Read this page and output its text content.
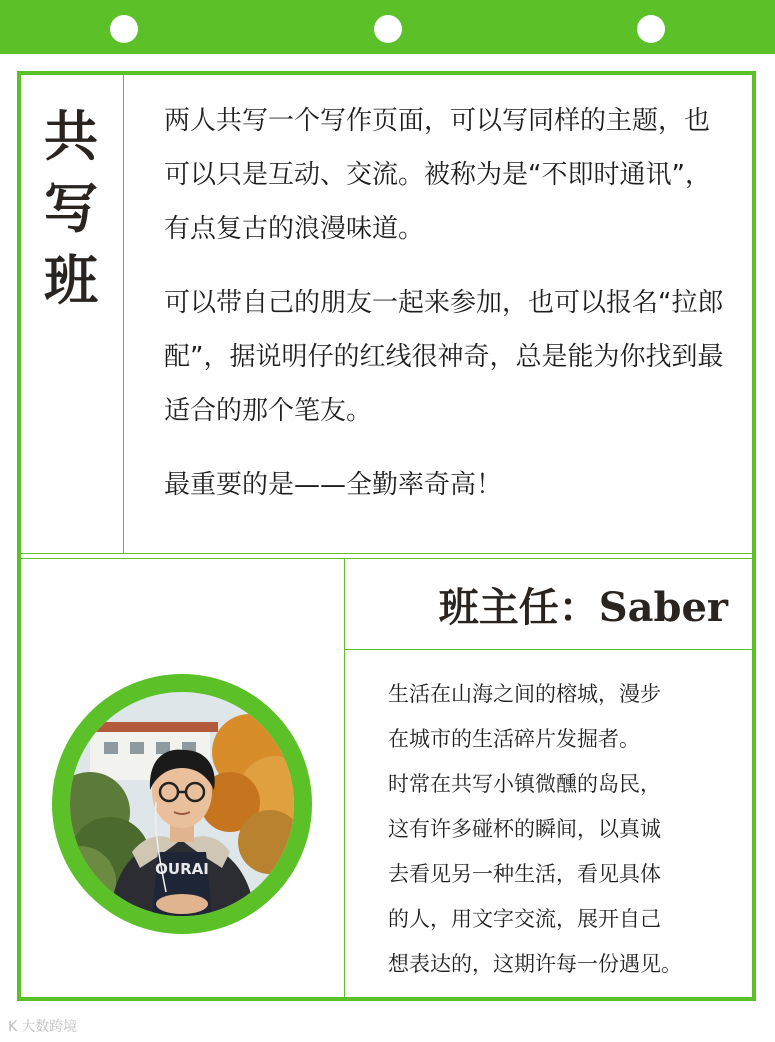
共
写
班

两人共写一个写作页面，可以写同样的主题，也可以只是互动、交流。被称为是“不即时通讯”，有点复古的浪漫味道。

可以带自己的朋友一起来参加，也可以报名“拉郎配”，据说明仔的红线很神奇，总是能为你找到最适合的那个笔友。

最重要的是——全勤率奇高！

班主任：Saber

生活在山海之间的榕城，漫步

在城市的生活碎片发掘者。

时常在共写小镇微醺的岛民，

这有许多碰杯的瞬间，以真诚

去看见另一种生活，看见具体

的人，用文字交流，展开自己

想表达的，这期许每一份遇见。

OURAI
K 大数跨境
